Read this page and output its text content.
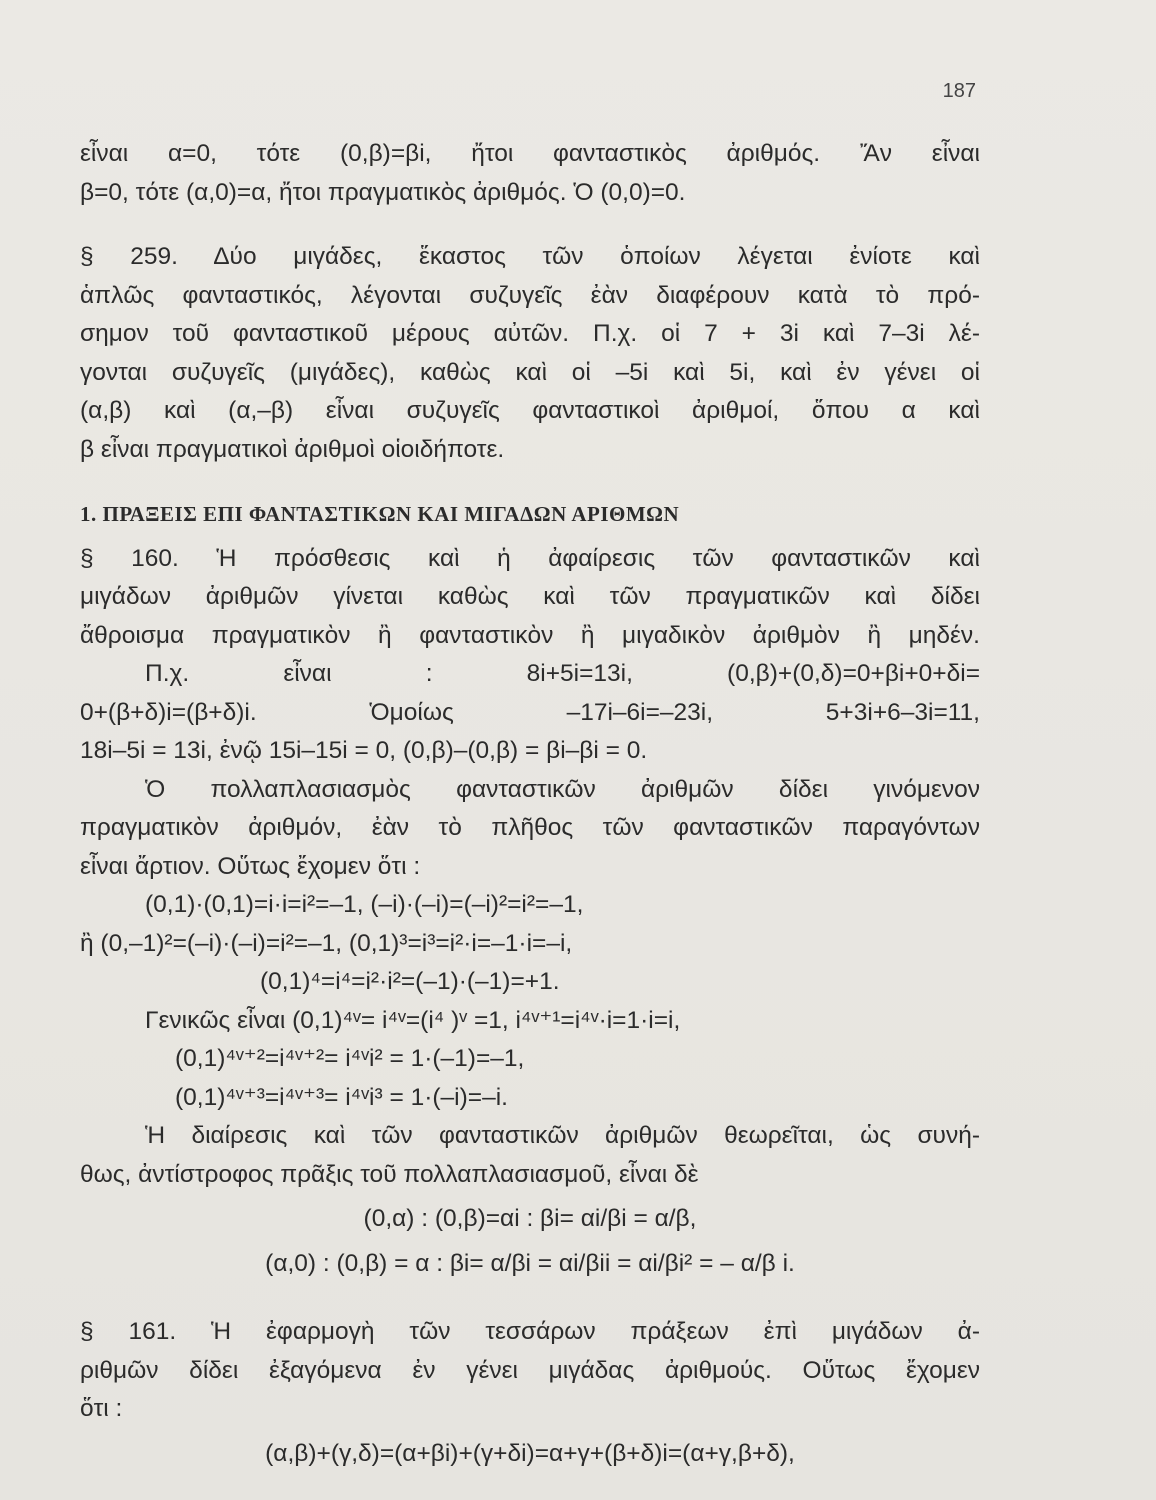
187
εἶναι α=0, τότε (0,β)=βi, ἤτοι φανταστικὸς ἀριθμός. Ἄν εἶναι
β=0, τότε (α,0)=α, ἤτοι πραγματικὸς ἀριθμός. Ὁ (0,0)=0.
§ 259. Δύο μιγάδες, ἕκαστος τῶν ὁποίων λέγεται ἐνίοτε καὶ
ἁπλῶς φανταστικός, λέγονται συζυγεῖς ἐὰν διαφέρουν κατὰ τὸ πρό-
σημον τοῦ φανταστικοῦ μέρους αὐτῶν. Π.χ. οἱ 7 + 3i καὶ 7–3i λέ-
γονται συζυγεῖς (μιγάδες), καθὼς καὶ οἱ –5i καὶ 5i, καὶ ἐν γένει οἱ
(α,β) καὶ (α,–β) εἶναι συζυγεῖς φανταστικοὶ ἀριθμοί, ὅπου α καὶ
β εἶναι πραγματικοὶ ἀριθμοὶ οἱοιδήποτε.
1. ΠΡΑΞΕΙΣ ΕΠΙ ΦΑΝΤΑΣΤΙΚΩΝ ΚΑΙ ΜΙΓΑΔΩΝ ΑΡΙΘΜΩΝ
§ 160. Ἡ πρόσθεσις καὶ ἡ ἀφαίρεσις τῶν φανταστικῶν καὶ
μιγάδων ἀριθμῶν γίνεται καθὼς καὶ τῶν πραγματικῶν καὶ δίδει
ἄθροισμα πραγματικὸν ἢ φανταστικὸν ἢ μιγαδικὸν ἀριθμὸν ἢ μηδέν.
Π.χ. εἶναι : 8i+5i=13i, (0,β)+(0,δ)=0+βi+0+δi=
0+(β+δ)i=(β+δ)i. Ὁμοίως –17i–6i=–23i, 5+3i+6–3i=11,
18i–5i = 13i, ἐνῷ 15i–15i = 0, (0,β)–(0,β) = βi–βi = 0.
Ὁ πολλαπλασιασμὸς φανταστικῶν ἀριθμῶν δίδει γινόμενον
πραγματικὸν ἀριθμόν, ἐὰν τὸ πλῆθος τῶν φανταστικῶν παραγόντων
εἶναι ἄρτιον. Οὕτως ἔχομεν ὅτι :
(0,1)·(0,1)=i·i=i²=–1, (–i)·(–i)=(–i)²=i²=–1,
ἢ (0,–1)²=(–i)·(–i)=i²=–1, (0,1)³=i³=i²·i=–1·i=–i,
(0,1)⁴=i⁴=i²·i²=(–1)·(–1)=+1.
Γενικῶς εἶναι (0,1)⁴ᵛ= i⁴ᵛ=(i⁴ )ᵛ =1, i⁴ᵛ⁺¹=i⁴ᵛ·i=1·i=i,
(0,1)⁴ᵛ⁺²=i⁴ᵛ⁺²= i⁴ᵛi² = 1·(–1)=–1,
(0,1)⁴ᵛ⁺³=i⁴ᵛ⁺³= i⁴ᵛi³ = 1·(–i)=–i.
Ἡ διαίρεσις καὶ τῶν φανταστικῶν ἀριθμῶν θεωρεῖται, ὡς συνή-
θως, ἀντίστροφος πρᾶξις τοῦ πολλαπλασιασμοῦ, εἶναι δὲ
(0,α) : (0,β)=αi : βi= αi/βi = α/β,
(α,0) : (0,β) = α : βi= α/βi = αi/βii = αi/βi² = – α/β i.
§ 161. Ἡ ἐφαρμογὴ τῶν τεσσάρων πράξεων ἐπὶ μιγάδων ἀ-
ριθμῶν δίδει ἐξαγόμενα ἐν γένει μιγάδας ἀριθμούς. Οὕτως ἔχομεν
ὅτι :
(α,β)+(γ,δ)=(α+βi)+(γ+δi)=α+γ+(β+δ)i=(α+γ,β+δ),
